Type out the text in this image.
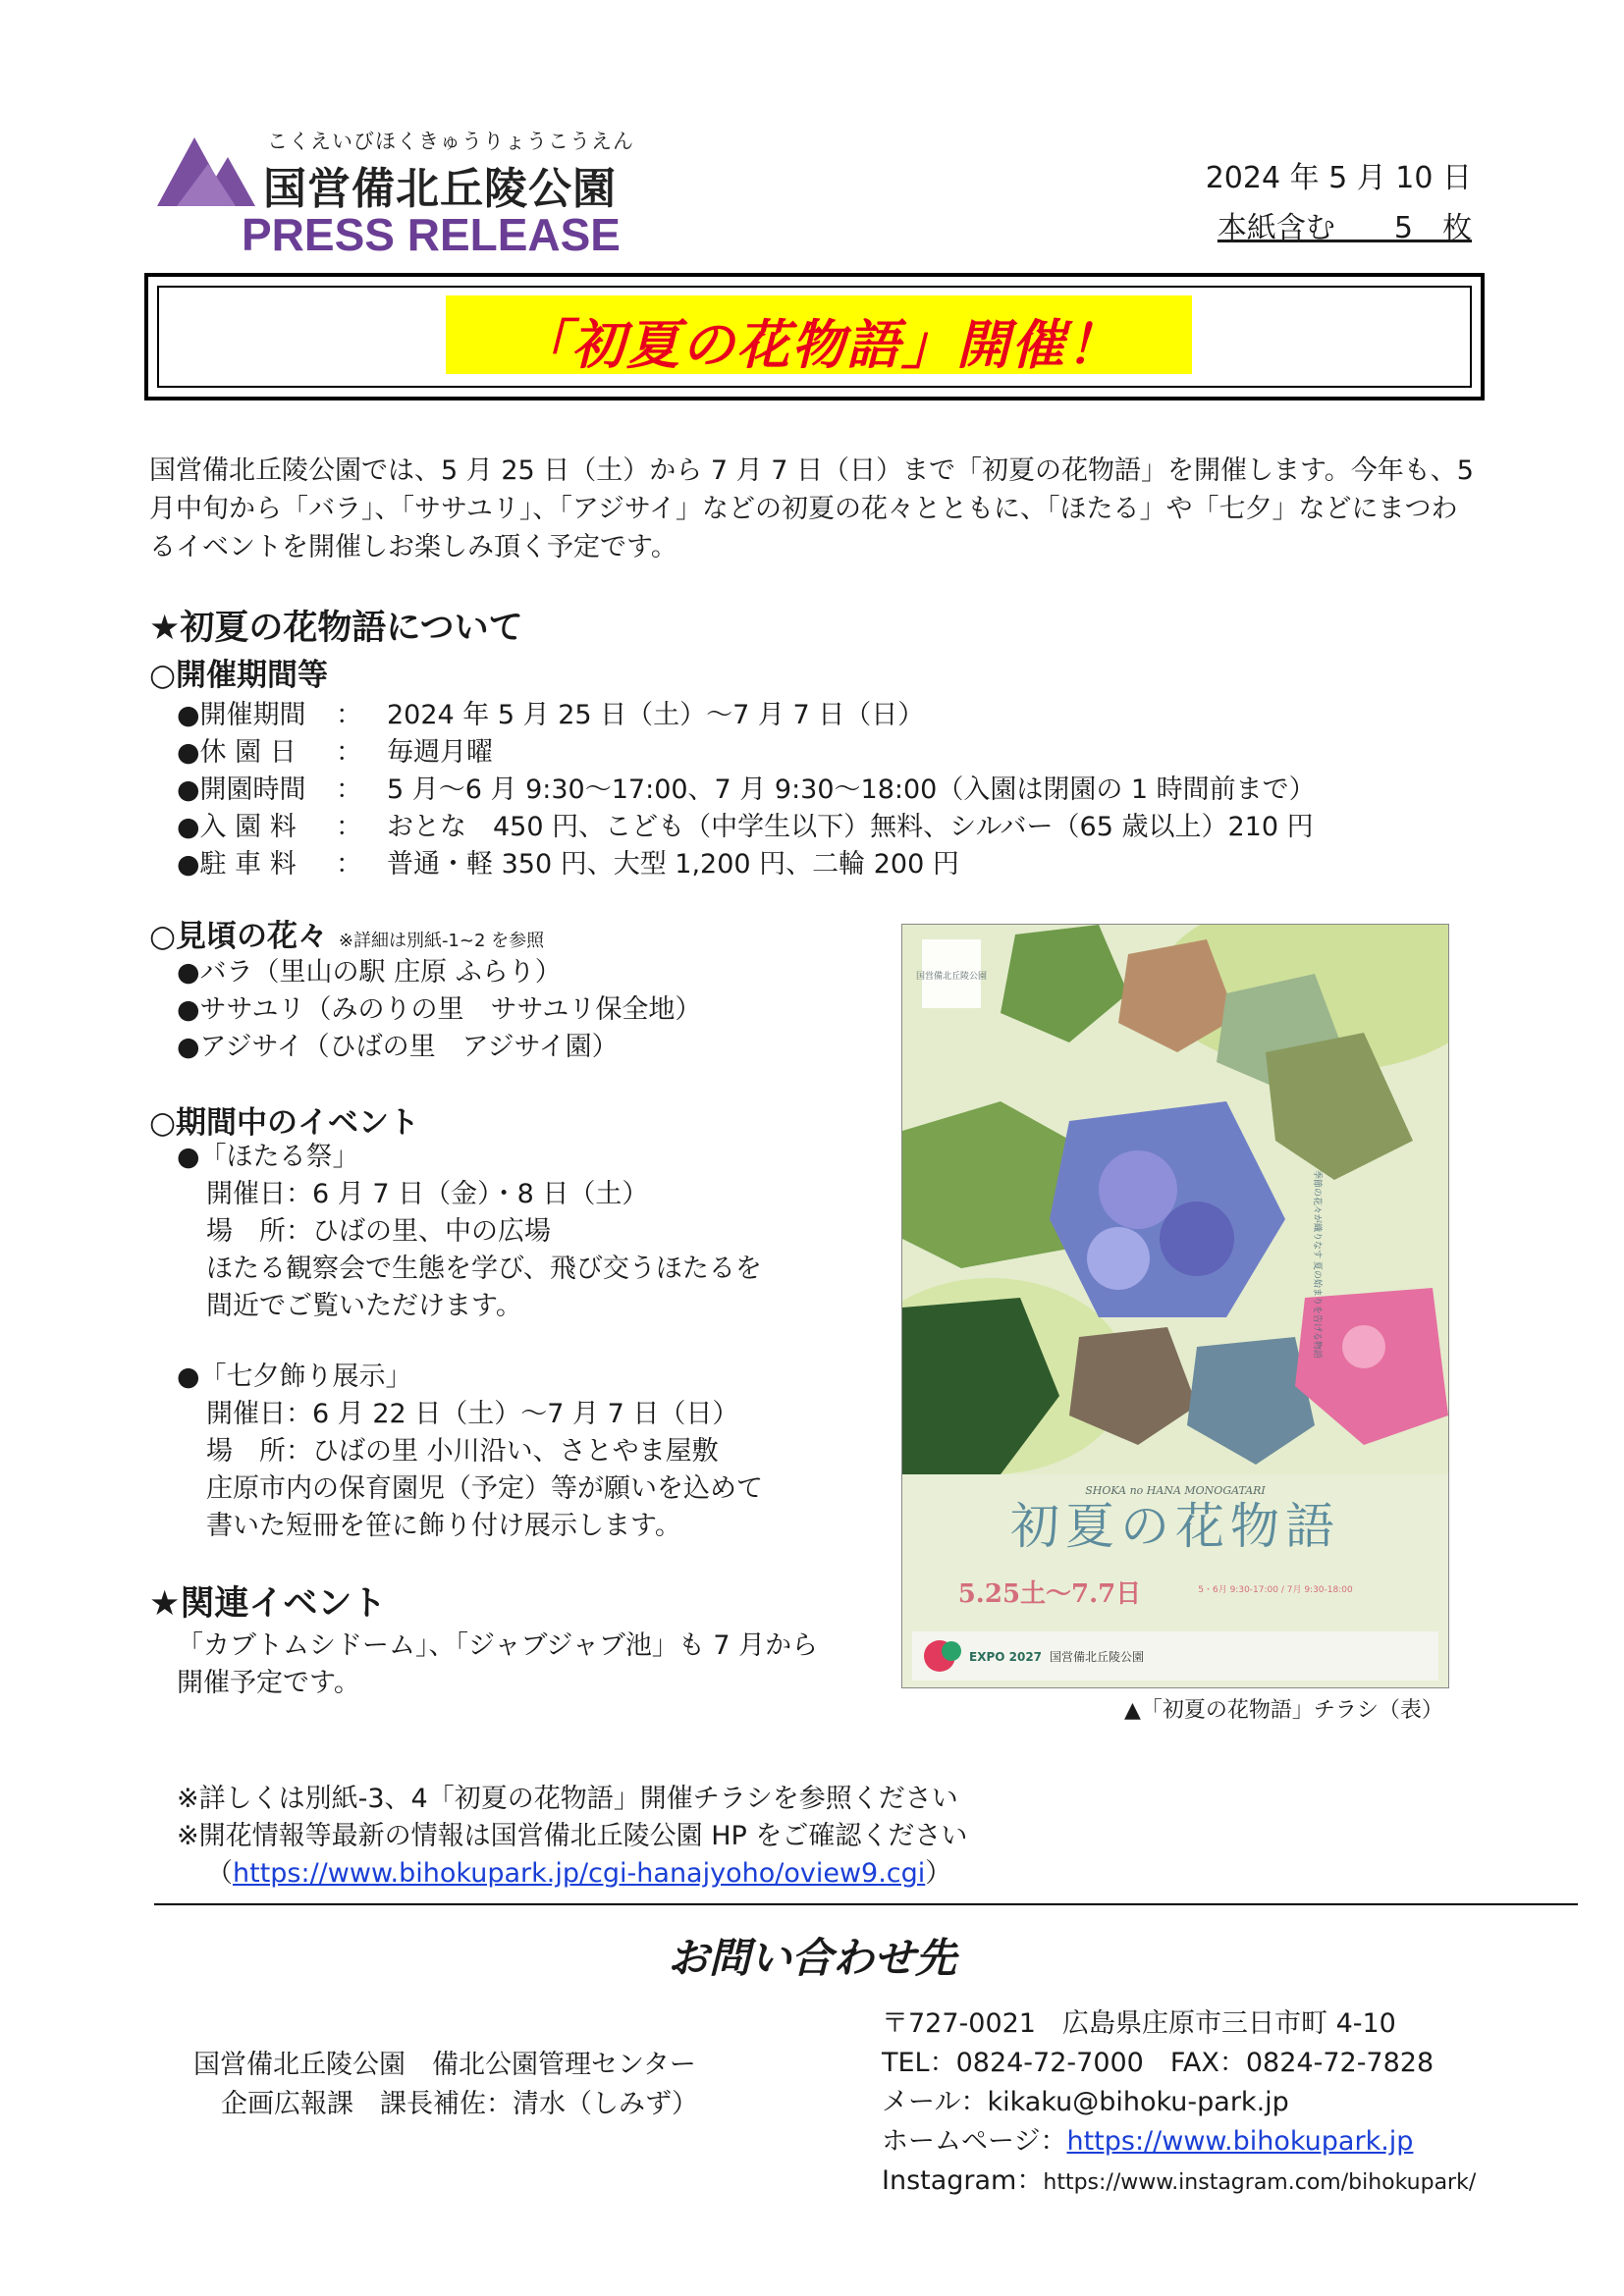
こくえいびほくきゅうりょうこうえん
国営備北丘陵公園
PRESS RELEASE
2024 年 5 月 10 日
本紙含む　　5　枚
「初夏の花物語」開催！
国営備北丘陵公園では、5 月 25 日（土）から 7 月 7 日（日）まで「初夏の花物語」を開催します。今年も、5 月中旬から「バラ」、「ササユリ」、「アジサイ」などの初夏の花々とともに、「ほたる」や「七夕」などにまつわるイベントを開催しお楽しみ頂く予定です。
★初夏の花物語について
○開催期間等
●開催期間 ： 2024 年 5 月 25 日（土）～7 月 7 日（日）
●休 園 日 ： 毎週月曜
●開園時間 ： 5 月～6 月 9:30～17:00、7 月 9:30～18:00（入園は閉園の 1 時間前まで）
●入 園 料 ： おとな　450 円、こども（中学生以下）無料、シルバー（65 歳以上）210 円
●駐 車 料 ： 普通・軽 350 円、大型 1,200 円、二輪 200 円
○見頃の花々 ※詳細は別紙-1~2 を参照
●バラ（里山の駅 庄原 ふらり）
●ササユリ（みのりの里　ササユリ保全地）
●アジサイ（ひばの里　アジサイ園）
○期間中のイベント
●「ほたる祭」
開催日：6 月 7 日（金）・8 日（土）
場　所：ひばの里、中の広場
ほたる観察会で生態を学び、飛び交うほたるを
間近でご覧いただけます。
●「七夕飾り展示」
開催日：6 月 22 日（土）～7 月 7 日（日）
場　所：ひばの里 小川沿い、さとやま屋敷
庄原市内の保育園児（予定）等が願いを込めて
書いた短冊を笹に飾り付け展示します。
★関連イベント
「カブトムシドーム」、「ジャブジャブ池」も 7 月から
開催予定です。
SHOKA no HANA MONOGATARI
初夏の花物語
5.25土～7.7日	5・6月 9:30-17:00 / 7月 9:30-18:00
EXPO 2027 国営備北丘陵公園
国営備北丘陵公園
季節の花々が織りなす 夏の始まりを告げる物語
▲「初夏の花物語」チラシ（表）
※詳しくは別紙-3、4「初夏の花物語」開催チラシを参照ください
※開花情報等最新の情報は国営備北丘陵公園 HP をご確認ください
（https://www.bihokupark.jp/cgi-hanajyoho/oview9.cgi）
お問い合わせ先
国営備北丘陵公園　備北公園管理センター
企画広報課　課長補佐：清水（しみず）
〒727-0021　広島県庄原市三日市町 4-10
TEL：0824-72-7000　FAX：0824-72-7828
メール：kikaku@bihoku-park.jp
ホームページ：https://www.bihokupark.jp
Instagram：https://www.instagram.com/bihokupark/
